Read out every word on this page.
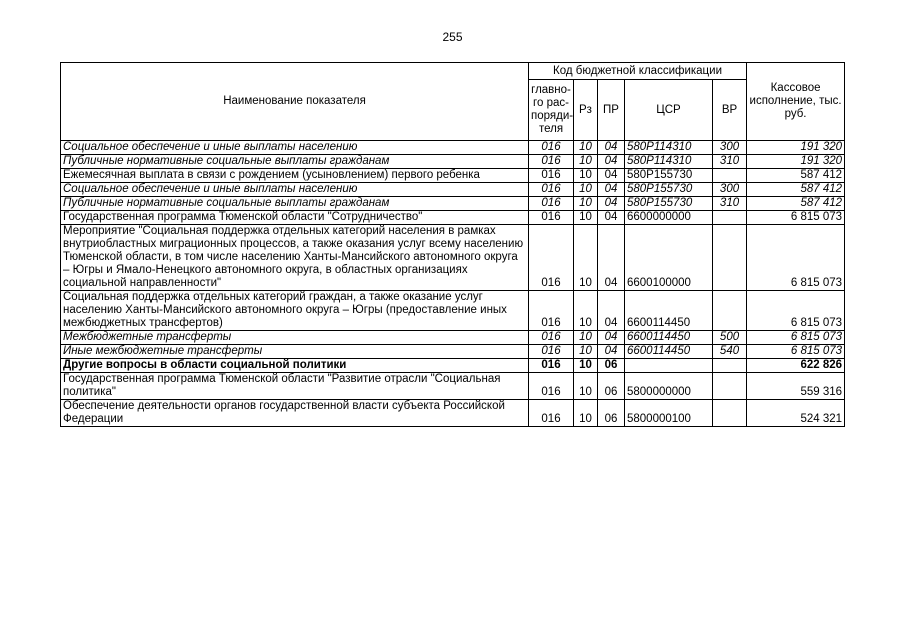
255
Наименование показателя	Код бюджетной классификации					Кассовое исполнение, тыс. руб.
	главно-го рас-поряди-теля	Рз	ПР	ЦСР	ВР	
Социальное обеспечение и иные выплаты населению	016	10	04	580P114310	300	191 320
Публичные нормативные социальные выплаты гражданам	016	10	04	580P114310	310	191 320
Ежемесячная выплата в связи с рождением (усыновлением) первого ребенка	016	10	04	580P155730		587 412
Социальное обеспечение и иные выплаты населению	016	10	04	580P155730	300	587 412
Публичные нормативные социальные выплаты гражданам	016	10	04	580P155730	310	587 412
Государственная программа Тюменской области "Сотрудничество"	016	10	04	6600000000		6 815 073
Мероприятие "Социальная поддержка отдельных категорий населения в рамках внутриобластных миграционных процессов, а также оказания услуг всему населению Тюменской области, в том числе населению Ханты-Мансийского автономного округа – Югры и Ямало-Ненецкого автономного округа, в областных организациях социальной направленности"	016	10	04	6600100000		6 815 073
Социальная поддержка отдельных категорий граждан, а также оказание услуг населению Ханты-Мансийского автономного округа – Югры (предоставление иных межбюджетных трансфертов)	016	10	04	6600114450		6 815 073
Межбюджетные трансферты	016	10	04	6600114450	500	6 815 073
Иные межбюджетные трансферты	016	10	04	6600114450	540	6 815 073
Другие вопросы в области социальной политики	016	10	06			622 826
Государственная программа Тюменской области "Развитие отрасли "Социальная политика"	016	10	06	5800000000		559 316
Обеспечение деятельности органов государственной власти субъекта Российской Федерации	016	10	06	5800000100		524 321
